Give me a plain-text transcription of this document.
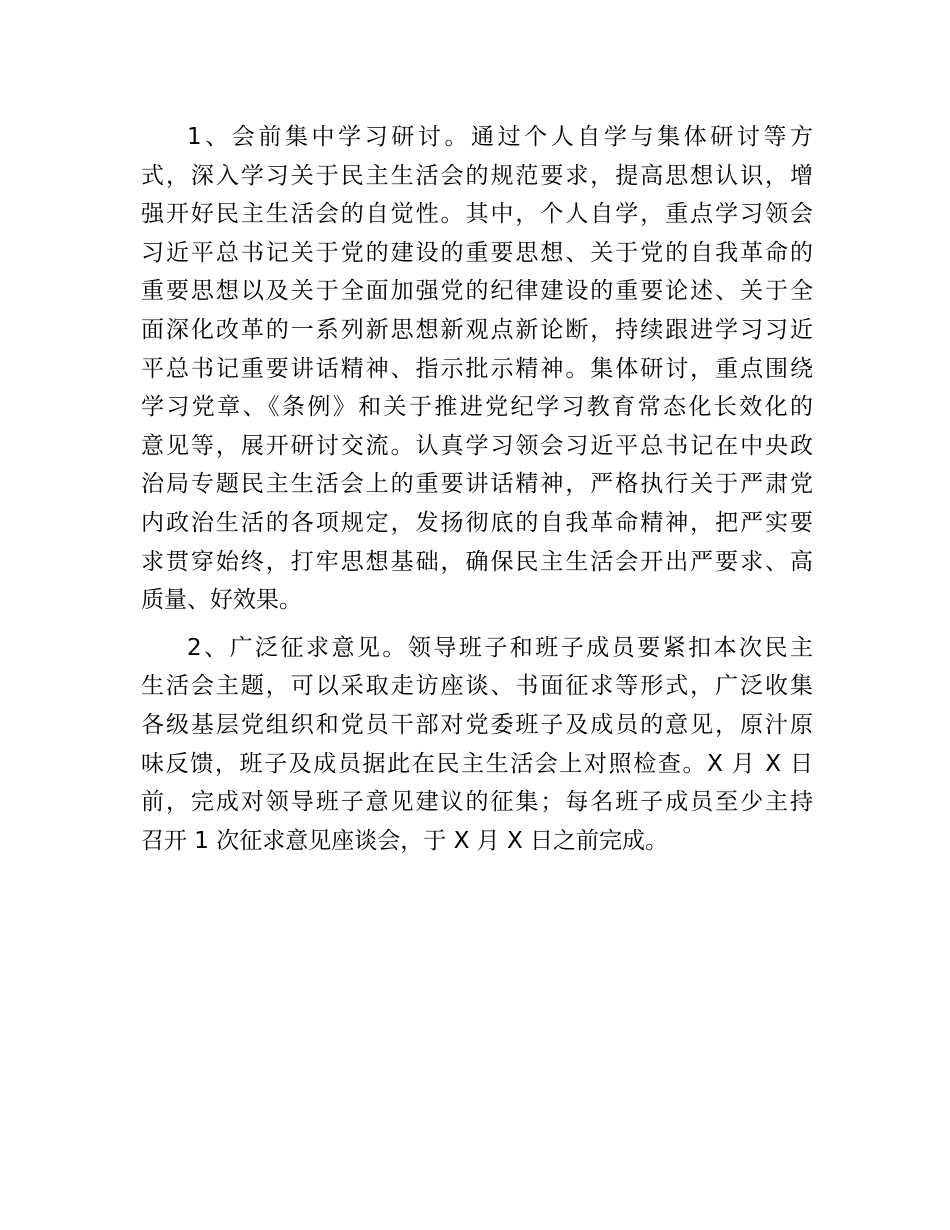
1、会前集中学习研讨。通过个人自学与集体研讨等方
式，深入学习关于民主生活会的规范要求，提高思想认识，增
强开好民主生活会的自觉性。其中，个人自学，重点学习领会
习近平总书记关于党的建设的重要思想、关于党的自我革命的
重要思想以及关于全面加强党的纪律建设的重要论述、关于全
面深化改革的一系列新思想新观点新论断，持续跟进学习习近
平总书记重要讲话精神、指示批示精神。集体研讨，重点围绕
学习党章、《条例》和关于推进党纪学习教育常态化长效化的
意见等，展开研讨交流。认真学习领会习近平总书记在中央政
治局专题民主生活会上的重要讲话精神，严格执行关于严肃党
内政治生活的各项规定，发扬彻底的自我革命精神，把严实要
求贯穿始终，打牢思想基础，确保民主生活会开出严要求、高
质量、好效果。

2、广泛征求意见。领导班子和班子成员要紧扣本次民主
生活会主题，可以采取走访座谈、书面征求等形式，广泛收集
各级基层党组织和党员干部对党委班子及成员的意见，原汁原
味反馈，班子及成员据此在民主生活会上对照检查。X 月 X 日
前，完成对领导班子意见建议的征集；每名班子成员至少主持
召开 1 次征求意见座谈会，于 X 月 X 日之前完成。
